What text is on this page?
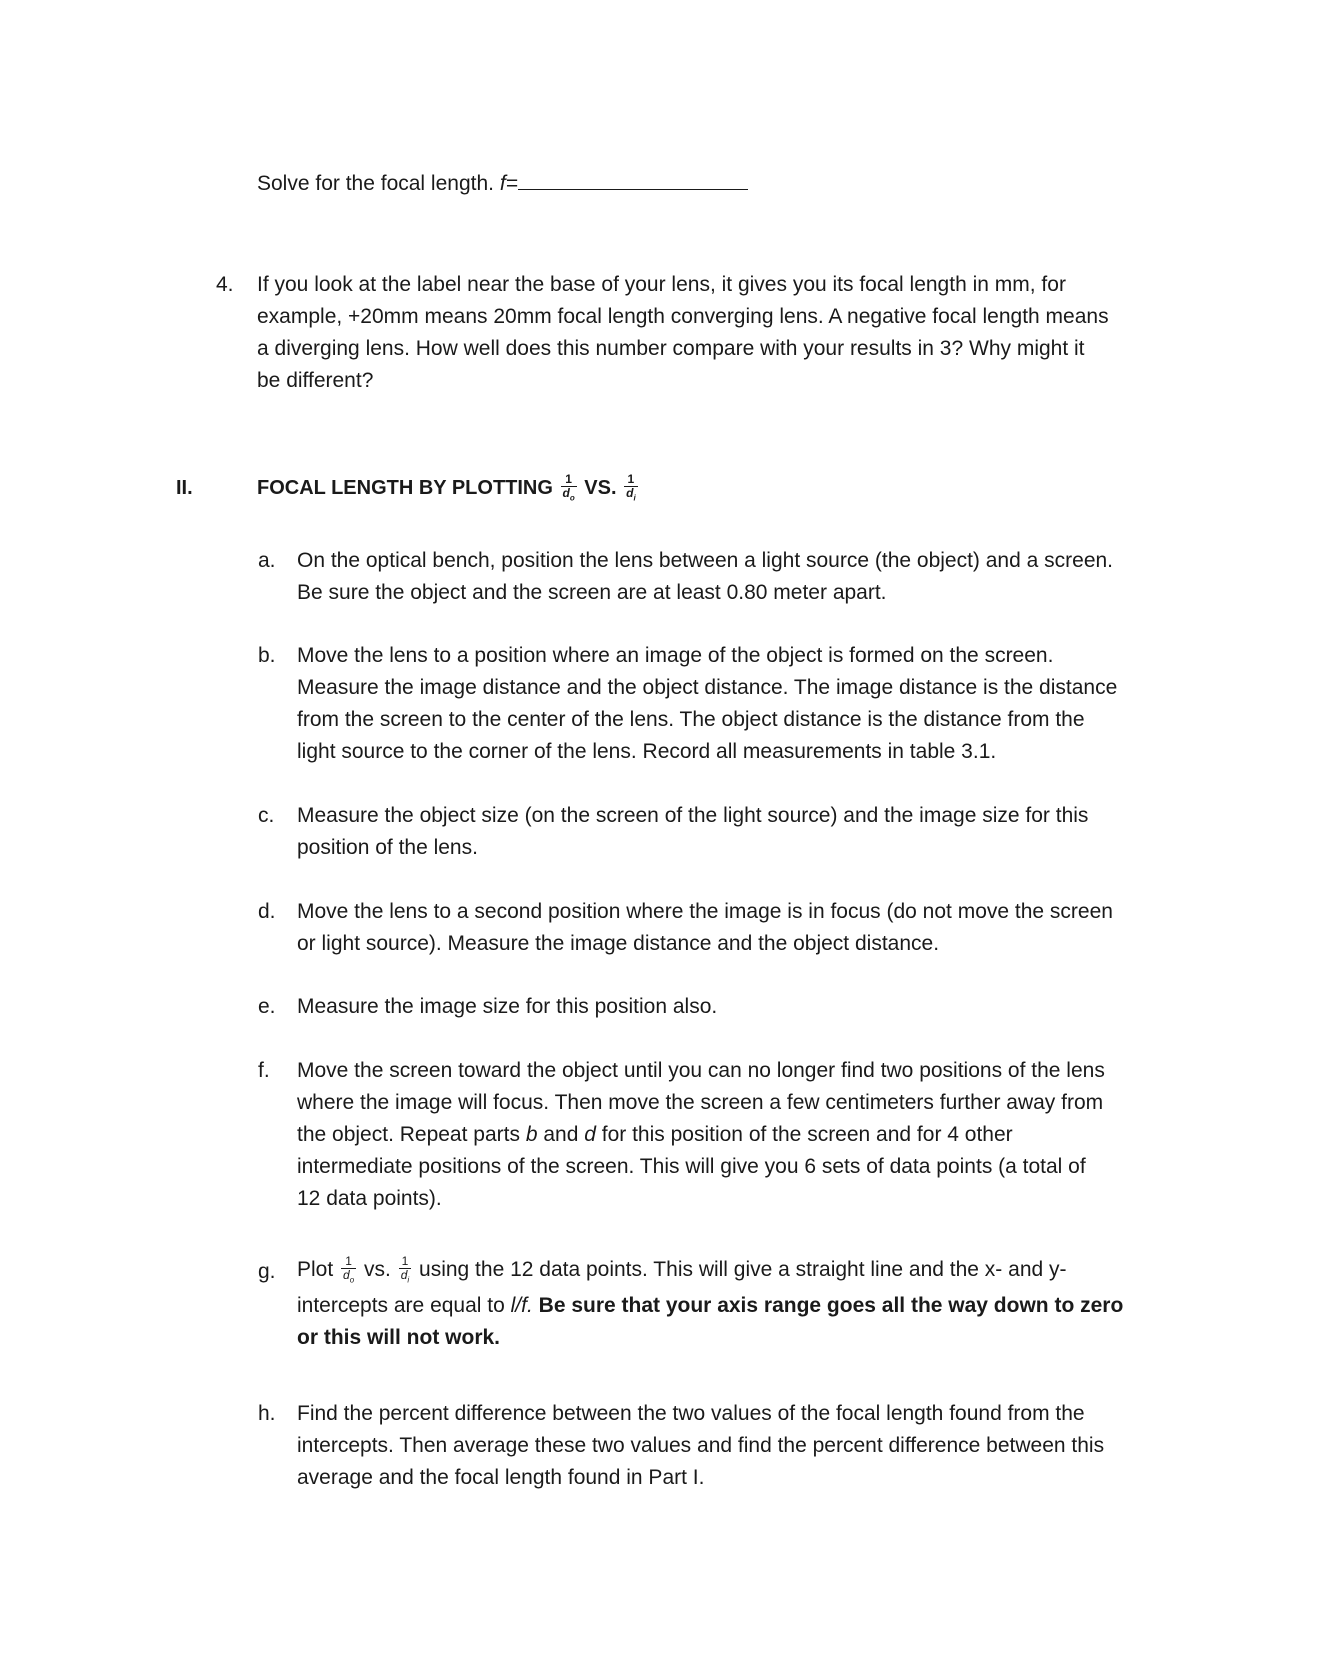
Solve for the focal length. f=
4. If you look at the label near the base of your lens, it gives you its focal length in mm, for
example, +20mm means 20mm focal length converging lens. A negative focal length means
a diverging lens. How well does this number compare with your results in 3? Why might it
be different?
II.	FOCAL LENGTH BY PLOTTING $\frac{1}{d_o}$ VS. $\frac{1}{d_i}$
a. On the optical bench, position the lens between a light source (the object) and a screen.
Be sure the object and the screen are at least 0.80 meter apart.
b. Move the lens to a position where an image of the object is formed on the screen.
Measure the image distance and the object distance. The image distance is the distance
from the screen to the center of the lens. The object distance is the distance from the
light source to the corner of the lens. Record all measurements in table 3.1.
c. Measure the object size (on the screen of the light source) and the image size for this
position of the lens.
d. Move the lens to a second position where the image is in focus (do not move the screen
or light source). Measure the image distance and the object distance.
e. Measure the image size for this position also.
f. Move the screen toward the object until you can no longer find two positions of the lens
where the image will focus. Then move the screen a few centimeters further away from
the object. Repeat parts b and d for this position of the screen and for 4 other
intermediate positions of the screen. This will give you 6 sets of data points (a total of
12 data points).
g. Plot $\frac{1}{d_o}$ vs. $\frac{1}{d_i}$ using the 12 data points. This will give a straight line and the x- and y-
intercepts are equal to l/f. Be sure that your axis range goes all the way down to zero
or this will not work.
h. Find the percent difference between the two values of the focal length found from the
intercepts. Then average these two values and find the percent difference between this
average and the focal length found in Part I.
